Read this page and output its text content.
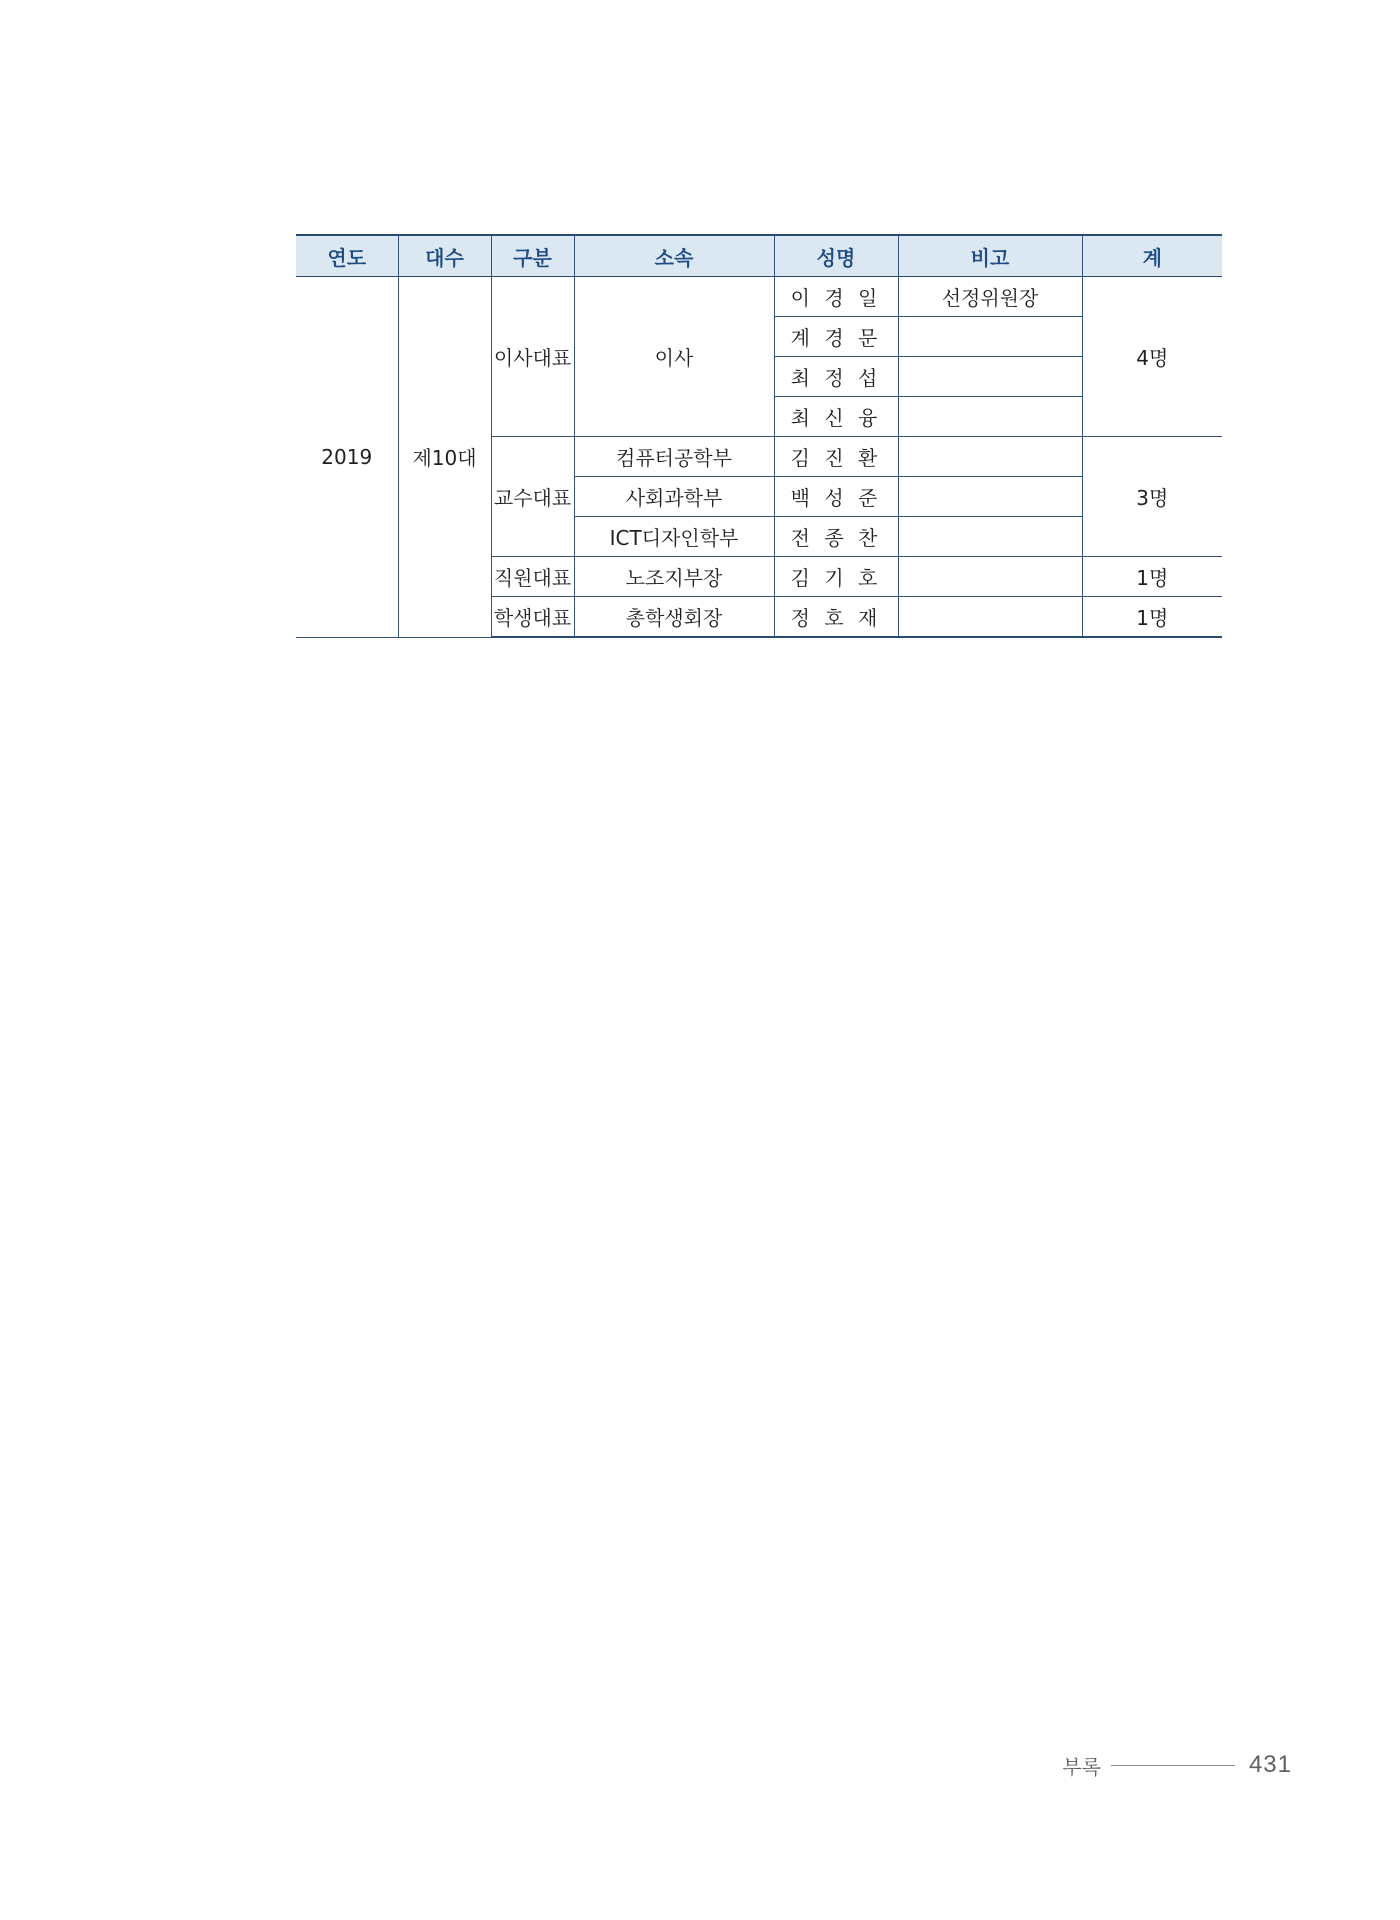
연도	대수	구분	소속	성명	비고	계
2019	제10대	이사대표	이사	이 경 일	선정위원장	4명
				계 경 문		
				최 정 섭		
				최 신 융		
		교수대표	컴퓨터공학부	김 진 환		3명
			사회과학부	백 성 준		
			ICT디자인학부	전 종 찬		
		직원대표	노조지부장	김 기 호		1명
		학생대표	총학생회장	정 호 재		1명
부록	431
